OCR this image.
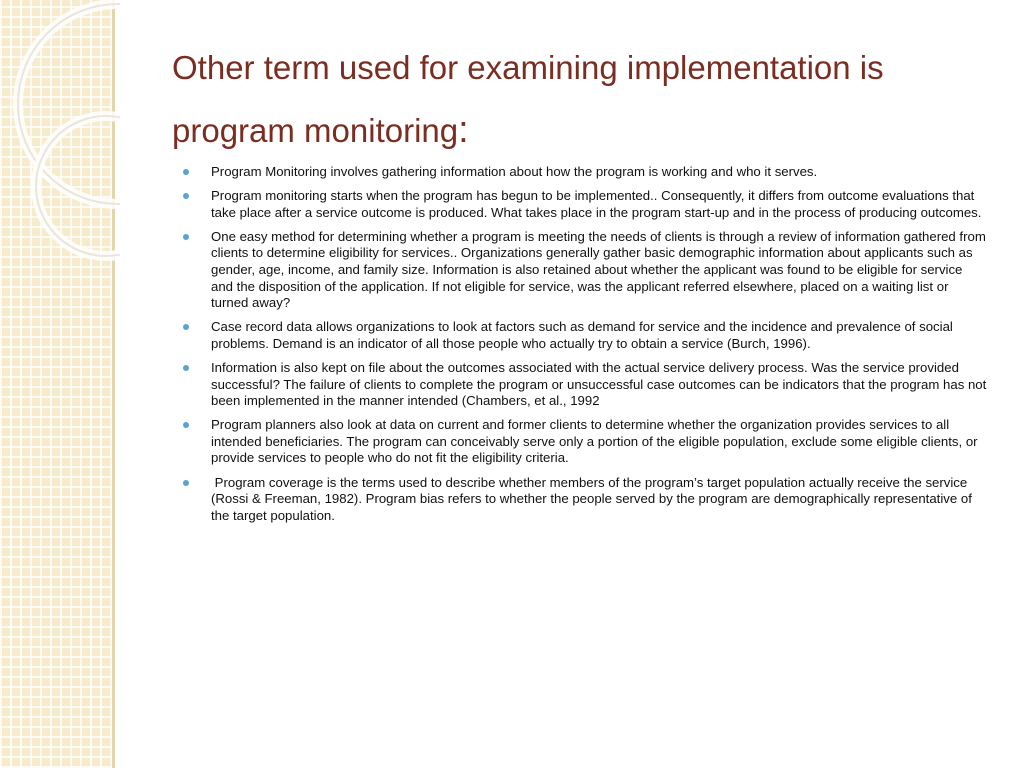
Other term used for examining implementation is program monitoring:
Program Monitoring involves gathering information about how the program is working and who it serves.
Program monitoring starts when the program has begun to be implemented.. Consequently, it differs from outcome evaluations that take place after a service outcome is produced. What takes place in the program start-up and in the process of producing outcomes.
One easy method for determining whether a program is meeting the needs of clients is through a review of information gathered from clients to determine eligibility for services.. Organizations generally gather basic demographic information about applicants such as gender, age, income, and family size. Information is also retained about whether the applicant was found to be eligible for service and the disposition of the application. If not eligible for service, was the applicant referred elsewhere, placed on a waiting list or turned away?
Case record data allows organizations to look at factors such as demand for service and the incidence and prevalence of social problems. Demand is an indicator of all those people who actually try to obtain a service (Burch, 1996).
Information is also kept on file about the outcomes associated with the actual service delivery process. Was the service provided successful? The failure of clients to complete the program or unsuccessful case outcomes can be indicators that the program has not been implemented in the manner intended (Chambers, et al., 1992
Program planners also look at data on current and former clients to determine whether the organization provides services to all intended beneficiaries. The program can conceivably serve only a portion of the eligible population, exclude some eligible clients, or provide services to people who do not fit the eligibility criteria.
Program coverage is the terms used to describe whether members of the program’s target population actually receive the service (Rossi & Freeman, 1982). Program bias refers to whether the people served by the program are demographically representative of the target population.
